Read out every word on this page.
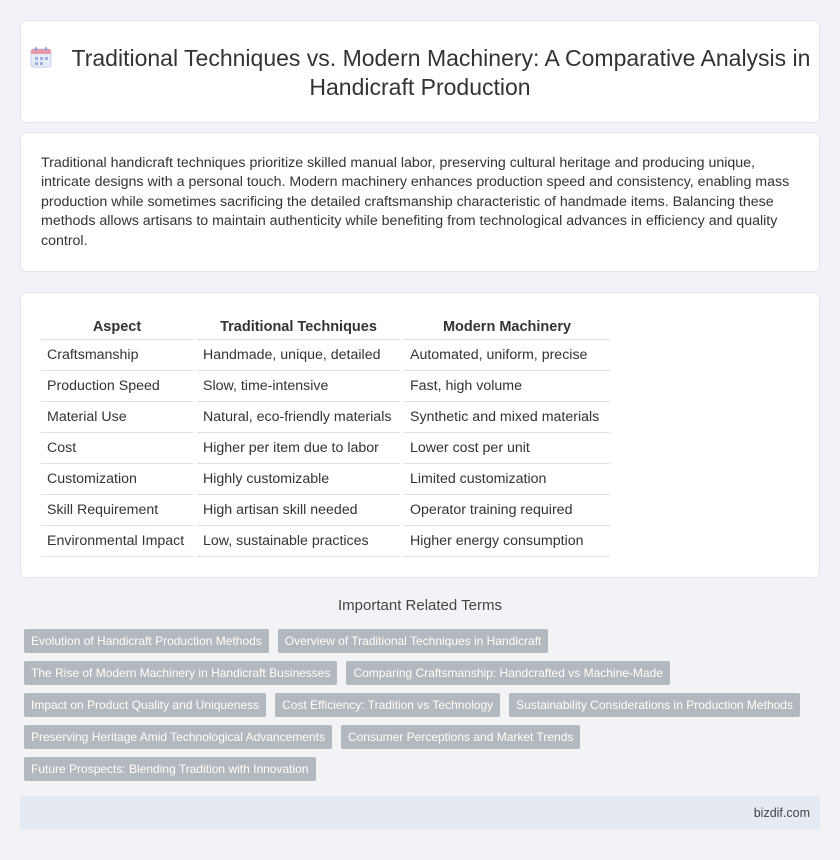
Traditional Techniques vs. Modern Machinery: A Comparative Analysis in Handicraft Production
Traditional handicraft techniques prioritize skilled manual labor, preserving cultural heritage and producing unique, intricate designs with a personal touch. Modern machinery enhances production speed and consistency, enabling mass production while sometimes sacrificing the detailed craftsmanship characteristic of handmade items. Balancing these methods allows artisans to maintain authenticity while benefiting from technological advances in efficiency and quality control.
Aspect	Traditional Techniques	Modern Machinery
Craftsmanship	Handmade, unique, detailed	Automated, uniform, precise
Production Speed	Slow, time-intensive	Fast, high volume
Material Use	Natural, eco-friendly materials	Synthetic and mixed materials
Cost	Higher per item due to labor	Lower cost per unit
Customization	Highly customizable	Limited customization
Skill Requirement	High artisan skill needed	Operator training required
Environmental Impact	Low, sustainable practices	Higher energy consumption
Important Related Terms
Evolution of Handicraft Production Methods	Overview of Traditional Techniques in Handicraft
The Rise of Modern Machinery in Handicraft Businesses	Comparing Craftsmanship: Handcrafted vs Machine-Made
Impact on Product Quality and Uniqueness	Cost Efficiency: Tradition vs Technology	Sustainability Considerations in Production Methods
Preserving Heritage Amid Technological Advancements	Consumer Perceptions and Market Trends
Future Prospects: Blending Tradition with Innovation
bizdif.com
